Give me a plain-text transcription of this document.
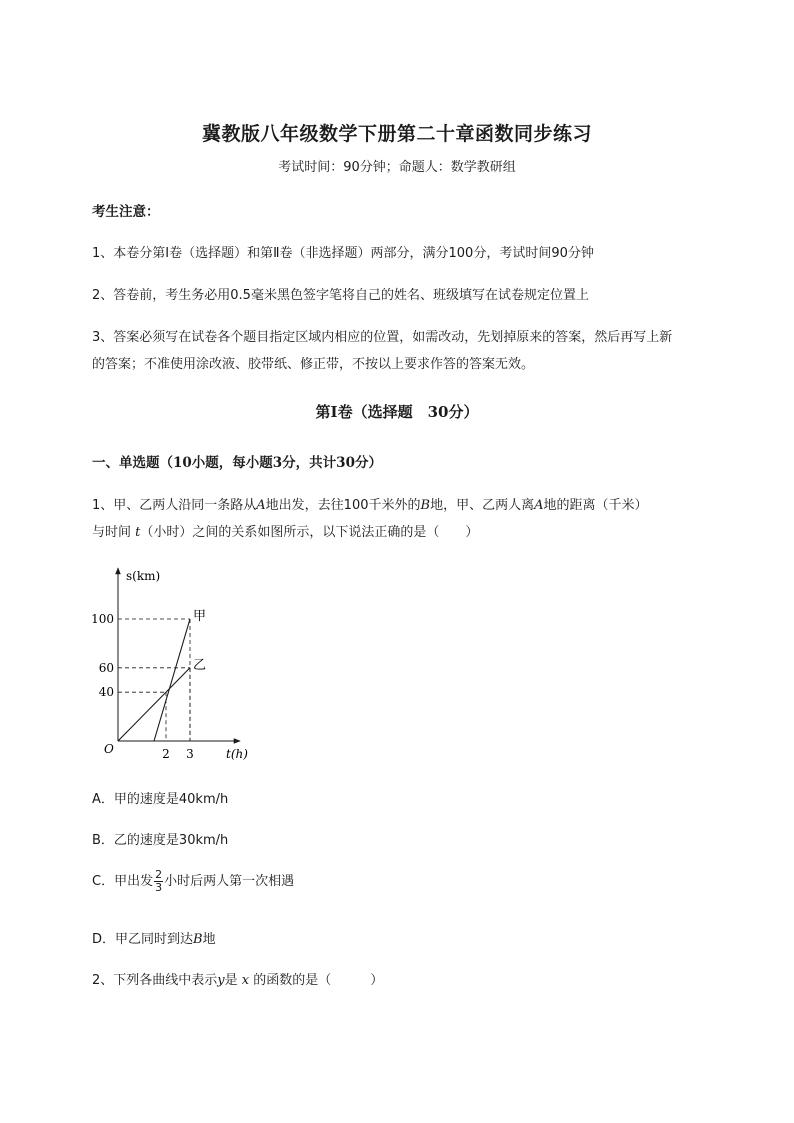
冀教版八年级数学下册第二十章函数同步练习
考试时间：90分钟；命题人：数学教研组
考生注意：
1、本卷分第I卷（选择题）和第Ⅱ卷（非选择题）两部分，满分100分，考试时间90分钟
2、答卷前，考生务必用0.5毫米黑色签字笔将自己的姓名、班级填写在试卷规定位置上
3、答案必须写在试卷各个题目指定区域内相应的位置，如需改动，先划掉原来的答案，然后再写上新
的答案；不准使用涂改液、胶带纸、修正带，不按以上要求作答的答案无效。
第I卷（选择题　30分）
一、单选题（10小题，每小题3分，共计30分）
1、甲、乙两人沿同一条路从A地出发，去往100千米外的B地，甲、乙两人离A地的距离（千米）
与时间 t（小时）之间的关系如图所示，以下说法正确的是（　　）
s(km)
t(h)
O
40
60
100
2 3
甲
乙
A．甲的速度是40km/h
B．乙的速度是30km/h
C．甲出发 $\frac{2}{3}$ 小时后两人第一次相遇
D．甲乙同时到达B地
2、下列各曲线中表示y是 x 的函数的是（　　　）
